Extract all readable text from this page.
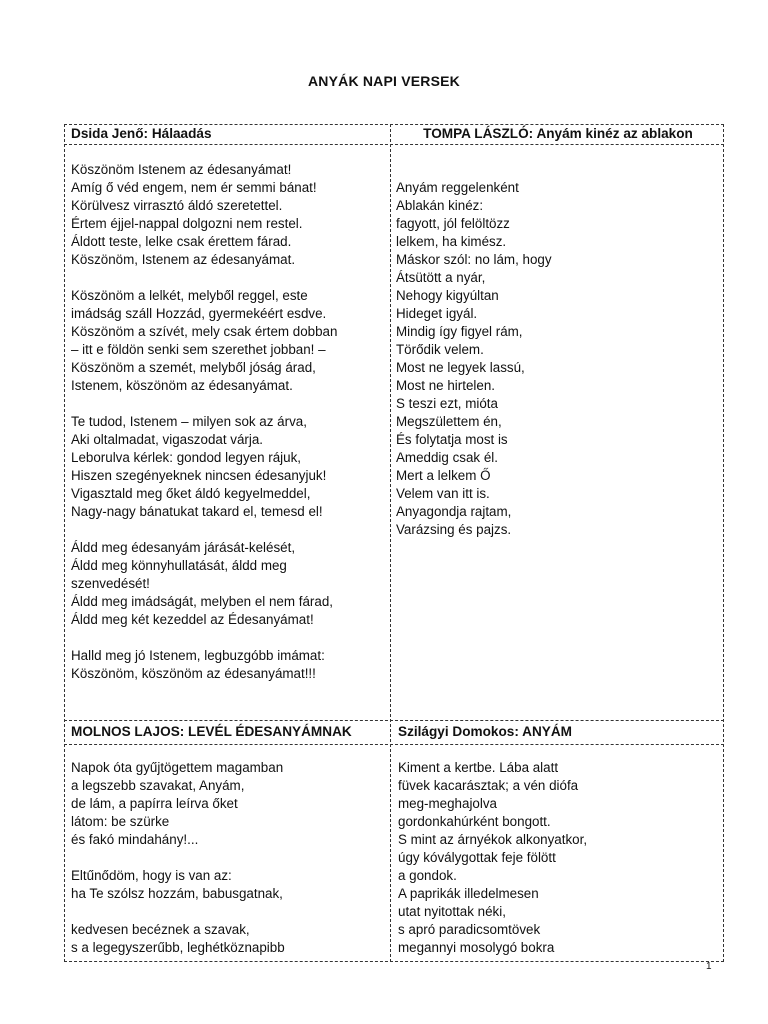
ANYÁK NAPI VERSEK
Dsida Jenő: Hálaadás
Köszönöm Istenem az édesanyámat!
Amíg ő véd engem, nem ér semmi bánat!
Körülvesz virrasztó áldó szeretettel.
Értem éjjel-nappal dolgozni nem restel.
Áldott teste, lelke csak érettem fárad.
Köszönöm, Istenem az édesanyámat.
Köszönöm a lelkét, melyből reggel, este
imádság száll Hozzád, gyermekéért esdve.
Köszönöm a szívét, mely csak értem dobban
– itt e földön senki sem szerethet jobban! –
Köszönöm a szemét, melyből jóság árad,
Istenem, köszönöm az édesanyámat.
Te tudod, Istenem – milyen sok az árva,
Aki oltalmadat, vigaszodat várja.
Leborulva kérlek: gondod legyen rájuk,
Hiszen szegényeknek nincsen édesanyjuk!
Vigasztald meg őket áldó kegyelmeddel,
Nagy-nagy bánatukat takard el, temesd el!
Áldd meg édesanyám járását-kelését,
Áldd meg könnyhullatását, áldd meg
szenvedését!
Áldd meg imádságát, melyben el nem fárad,
Áldd meg két kezeddel az Édesanyámat!
Halld meg jó Istenem, legbuzgóbb imámat:
Köszönöm, köszönöm az édesanyámat!!!
TOMPA LÁSZLÓ: Anyám kinéz az ablakon
Anyám reggelenként
Ablakán kinéz:
fagyott, jól felöltözz
lelkem, ha kimész.
Máskor szól: no lám, hogy
Átsütött a nyár,
Nehogy kigyúltan
Hideget igyál.
Mindig így figyel rám,
Törődik velem.
Most ne legyek lassú,
Most ne hirtelen.
S teszi ezt, mióta
Megszülettem én,
És folytatja most is
Ameddig csak él.
Mert a lelkem Ő
Velem van itt is.
Anyagondja rajtam,
Varázsing és pajzs.
MOLNOS LAJOS: LEVÉL ÉDESANYÁMNAK
Napok óta gyűjtögettem magamban
a legszebb szavakat, Anyám,
de lám, a papírra leírva őket
látom: be szürke
és fakó mindahány!...
Eltűnődöm, hogy is van az:
ha Te szólsz hozzám, babusgatnak,
kedvesen becéznek a szavak,
s a legegyszerűbb, leghétköznapibb
Szilágyi Domokos: ANYÁM
Kiment a kertbe. Lába alatt
füvek kacarásztak; a vén diófa
meg-meghajolva
gordonkahúrként bongott.
S mint az árnyékok alkonyatkor,
úgy kóválygottak feje fölött
a gondok.
A paprikák illedelmesen
utat nyitottak néki,
s apró paradicsomtövek
megannyi mosolygó bokra
1
